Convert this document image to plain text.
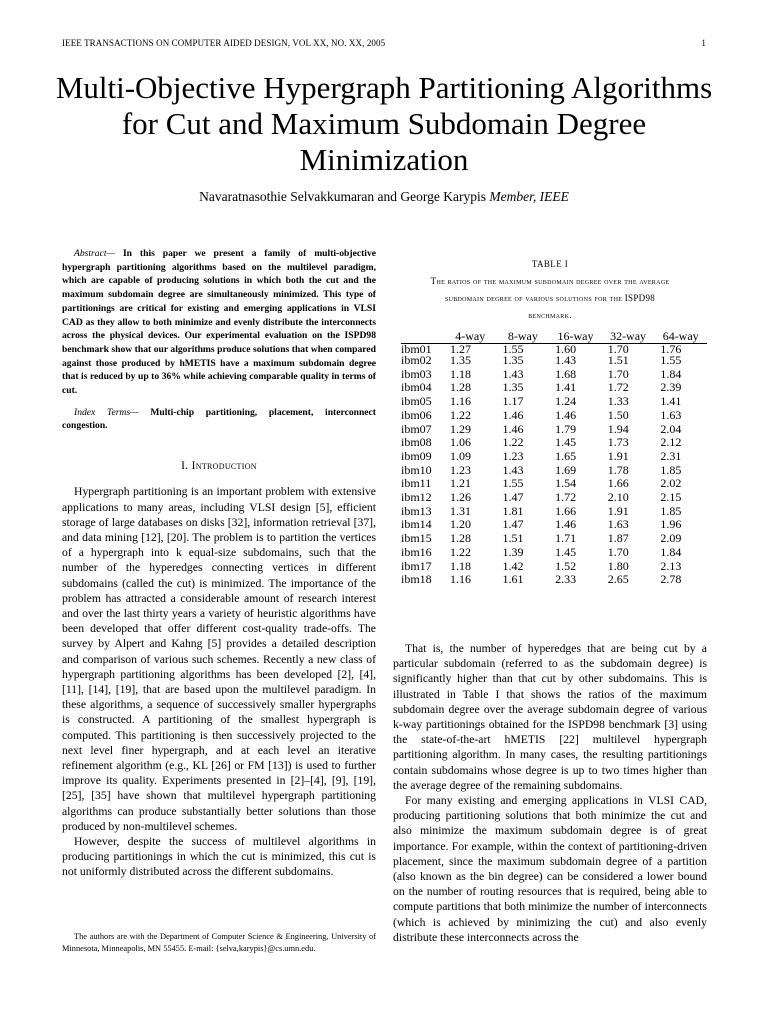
IEEE TRANSACTIONS ON COMPUTER AIDED DESIGN, VOL XX, NO. XX, 2005	1
Multi-Objective Hypergraph Partitioning Algorithms for Cut and Maximum Subdomain Degree Minimization
Navaratnasothie Selvakkumaran and George Karypis Member, IEEE

Abstract— In this paper we present a family of multi-objective hypergraph partitioning algorithms based on the multilevel paradigm, which are capable of producing solutions in which both the cut and the maximum subdomain degree are simultaneously minimized. This type of partitionings are critical for existing and emerging applications in VLSI CAD as they allow to both minimize and evenly distribute the interconnects across the physical devices. Our experimental evaluation on the ISPD98 benchmark show that our algorithms produce solutions that when compared against those produced by hMETIS have a maximum subdomain degree that is reduced by up to 36% while achieving comparable quality in terms of cut.

Index Terms— Multi-chip partitioning, placement, interconnect congestion.

I. Introduction

Hypergraph partitioning is an important problem with extensive applications to many areas, including VLSI design [5], efficient storage of large databases on disks [32], information retrieval [37], and data mining [12], [20]. The problem is to partition the vertices of a hypergraph into k equal-size subdomains, such that the number of the hyperedges connecting vertices in different subdomains (called the cut) is minimized. The importance of the problem has attracted a considerable amount of research interest and over the last thirty years a variety of heuristic algorithms have been developed that offer different cost-quality trade-offs. The survey by Alpert and Kahng [5] provides a detailed description and comparison of various such schemes. Recently a new class of hypergraph partitioning algorithms has been developed [2], [4], [11], [14], [19], that are based upon the multilevel paradigm. In these algorithms, a sequence of successively smaller hypergraphs is constructed. A partitioning of the smallest hypergraph is computed. This partitioning is then successively projected to the next level finer hypergraph, and at each level an iterative refinement algorithm (e.g., KL [26] or FM [13]) is used to further improve its quality. Experiments presented in [2]–[4], [9], [19], [25], [35] have shown that multilevel hypergraph partitioning algorithms can produce substantially better solutions than those produced by non-multilevel schemes.

However, despite the success of multilevel algorithms in producing partitionings in which the cut is minimized, this cut is not uniformly distributed across the different subdomains.

The authors are with the Department of Computer Science & Engineering, University of Minnesota, Minneapolis, MN 55455. E-mail: {selva,karypis}@cs.umn.edu.
TABLE I
The ratios of the maximum subdomain degree over the average
subdomain degree of various solutions for the ISPD98
benchmark.
	4-way	8-way	16-way	32-way	64-way
ibm01	1.27	1.55	1.60	1.70	1.76
ibm02	1.35	1.35	1.43	1.51	1.55
ibm03	1.18	1.43	1.68	1.70	1.84
ibm04	1.28	1.35	1.41	1.72	2.39
ibm05	1.16	1.17	1.24	1.33	1.41
ibm06	1.22	1.46	1.46	1.50	1.63
ibm07	1.29	1.46	1.79	1.94	2.04
ibm08	1.06	1.22	1.45	1.73	2.12
ibm09	1.09	1.23	1.65	1.91	2.31
ibm10	1.23	1.43	1.69	1.78	1.85
ibm11	1.21	1.55	1.54	1.66	2.02
ibm12	1.26	1.47	1.72	2.10	2.15
ibm13	1.31	1.81	1.66	1.91	1.85
ibm14	1.20	1.47	1.46	1.63	1.96
ibm15	1.28	1.51	1.71	1.87	2.09
ibm16	1.22	1.39	1.45	1.70	1.84
ibm17	1.18	1.42	1.52	1.80	2.13
ibm18	1.16	1.61	2.33	2.65	2.78

That is, the number of hyperedges that are being cut by a particular subdomain (referred to as the subdomain degree) is significantly higher than that cut by other subdomains. This is illustrated in Table I that shows the ratios of the maximum subdomain degree over the average subdomain degree of various k-way partitionings obtained for the ISPD98 benchmark [3] using the state-of-the-art hMETIS [22] multilevel hypergraph partitioning algorithm. In many cases, the resulting partitionings contain subdomains whose degree is up to two times higher than the average degree of the remaining subdomains.

For many existing and emerging applications in VLSI CAD, producing partitioning solutions that both minimize the cut and also minimize the maximum subdomain degree is of great importance. For example, within the context of partitioning-driven placement, since the maximum subdomain degree of a partition (also known as the bin degree) can be considered a lower bound on the number of routing resources that is required, being able to compute partitions that both minimize the number of interconnects (which is achieved by minimizing the cut) and also evenly distribute these interconnects across the
